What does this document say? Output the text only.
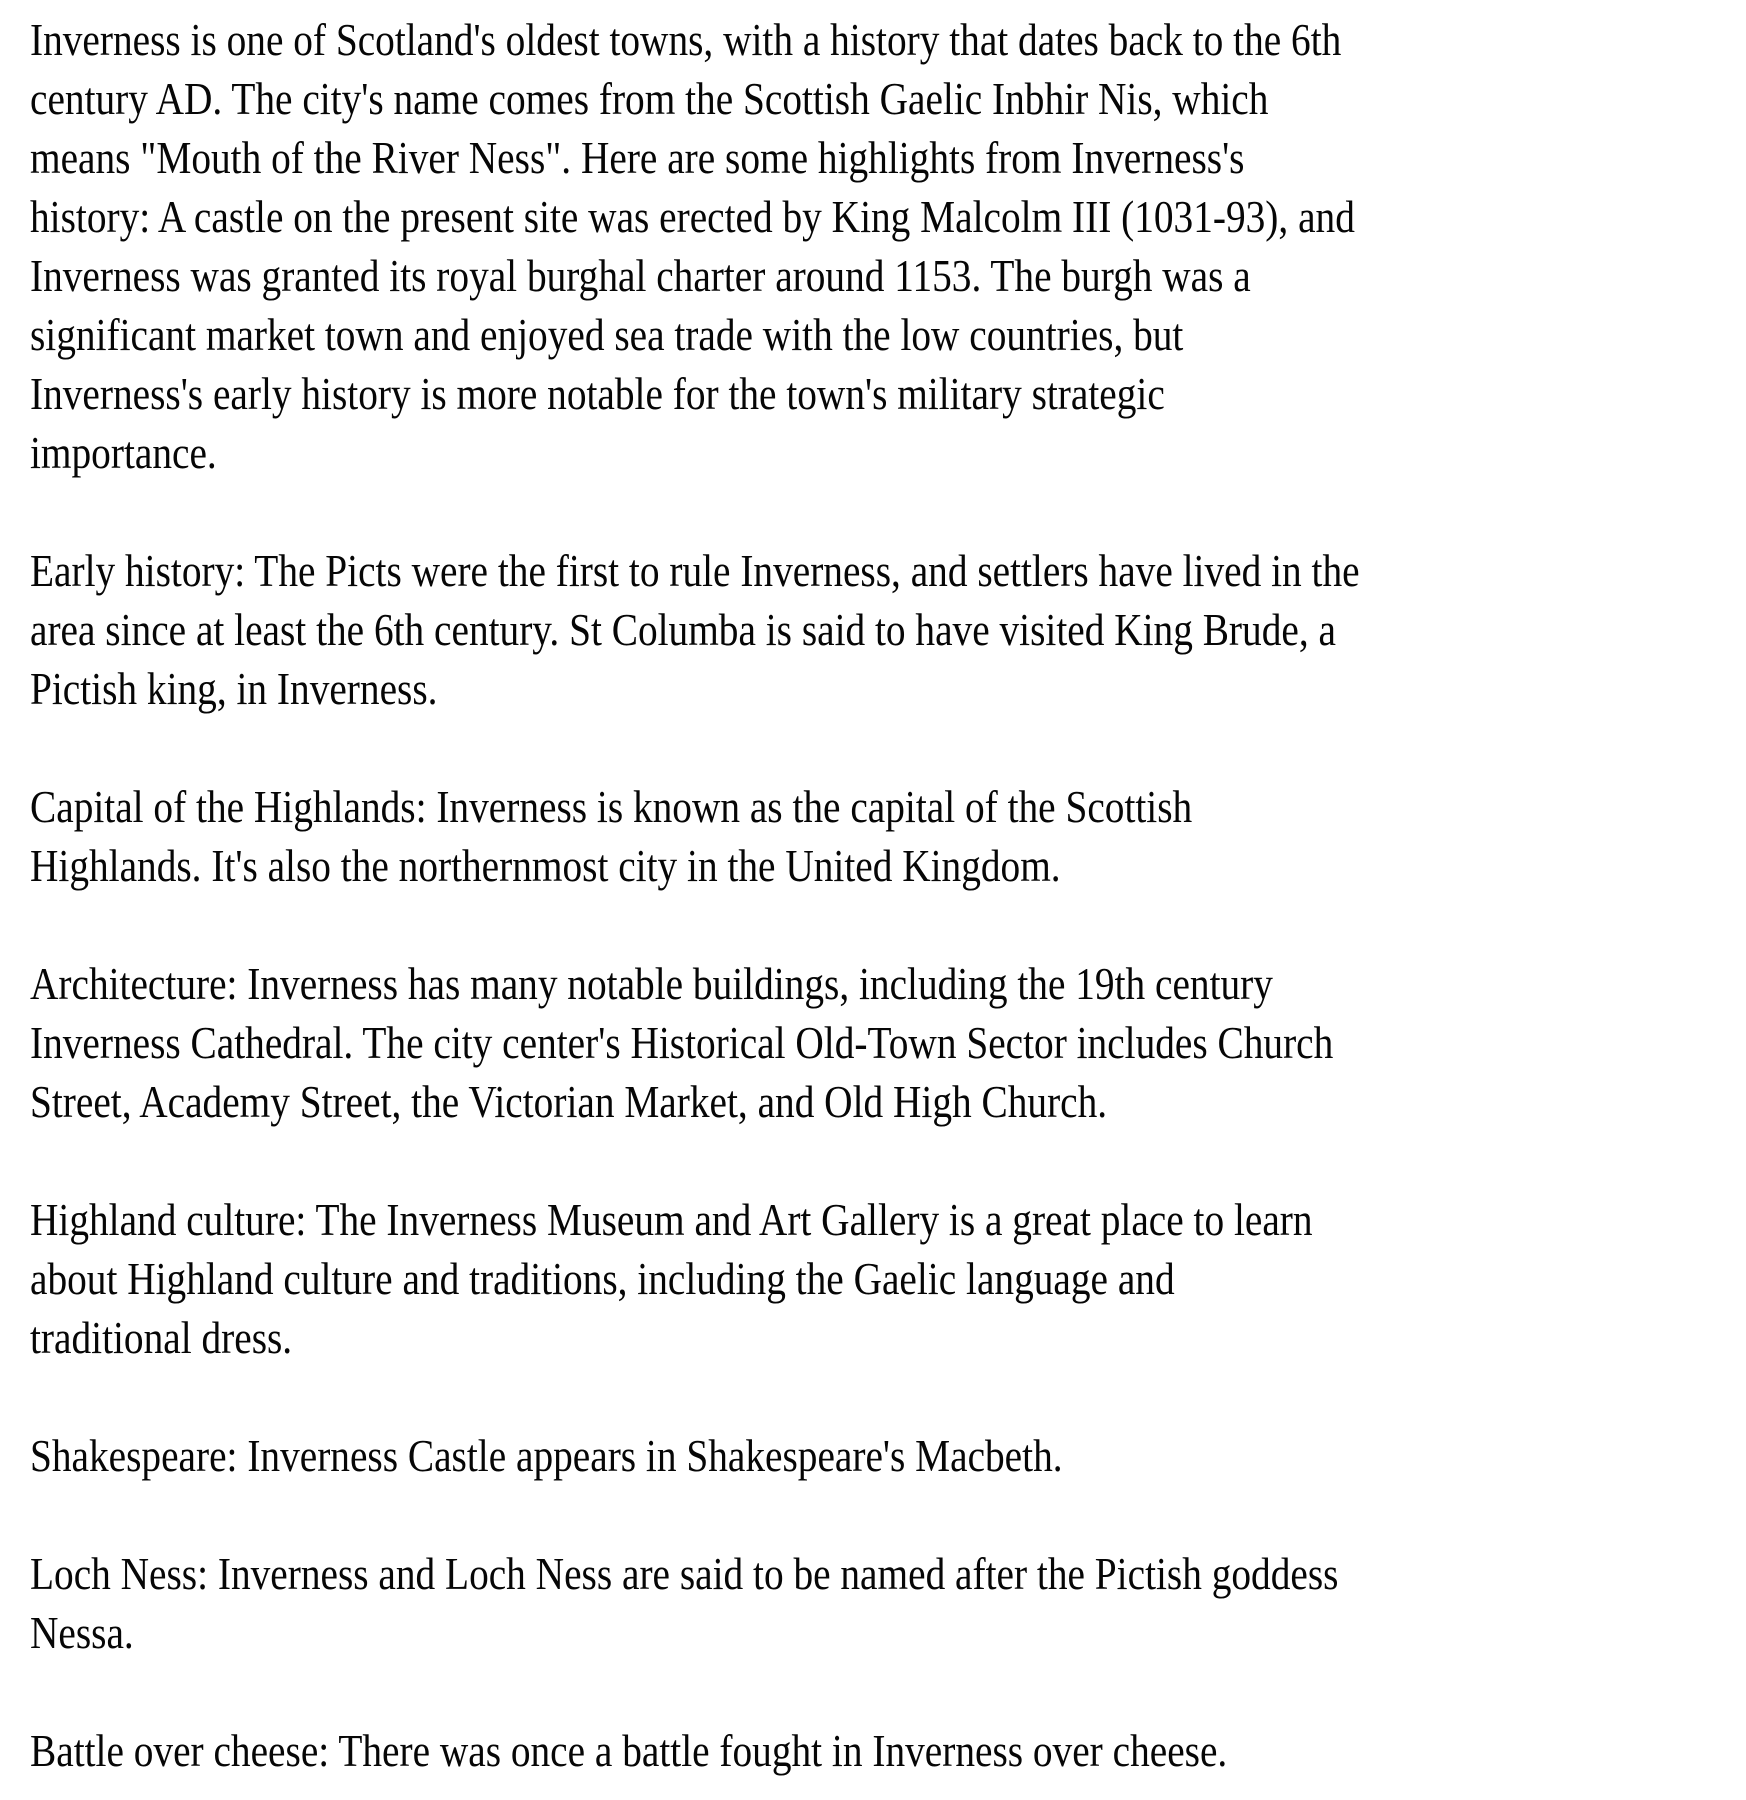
Inverness is one of Scotland's oldest towns, with a history that dates back to the 6th
century AD. The city's name comes from the Scottish Gaelic Inbhir Nis, which
means "Mouth of the River Ness". Here are some highlights from Inverness's
history: A castle on the present site was erected by King Malcolm III (1031-93), and
Inverness was granted its royal burghal charter around 1153. The burgh was a
significant market town and enjoyed sea trade with the low countries, but
Inverness's early history is more notable for the town's military strategic
importance.
Early history: The Picts were the first to rule Inverness, and settlers have lived in the
area since at least the 6th century. St Columba is said to have visited King Brude, a
Pictish king, in Inverness.
Capital of the Highlands: Inverness is known as the capital of the Scottish
Highlands. It's also the northernmost city in the United Kingdom.
Architecture: Inverness has many notable buildings, including the 19th century
Inverness Cathedral. The city center's Historical Old-Town Sector includes Church
Street, Academy Street, the Victorian Market, and Old High Church.
Highland culture: The Inverness Museum and Art Gallery is a great place to learn
about Highland culture and traditions, including the Gaelic language and
traditional dress.
Shakespeare: Inverness Castle appears in Shakespeare's Macbeth.
Loch Ness: Inverness and Loch Ness are said to be named after the Pictish goddess
Nessa.
Battle over cheese: There was once a battle fought in Inverness over cheese.
